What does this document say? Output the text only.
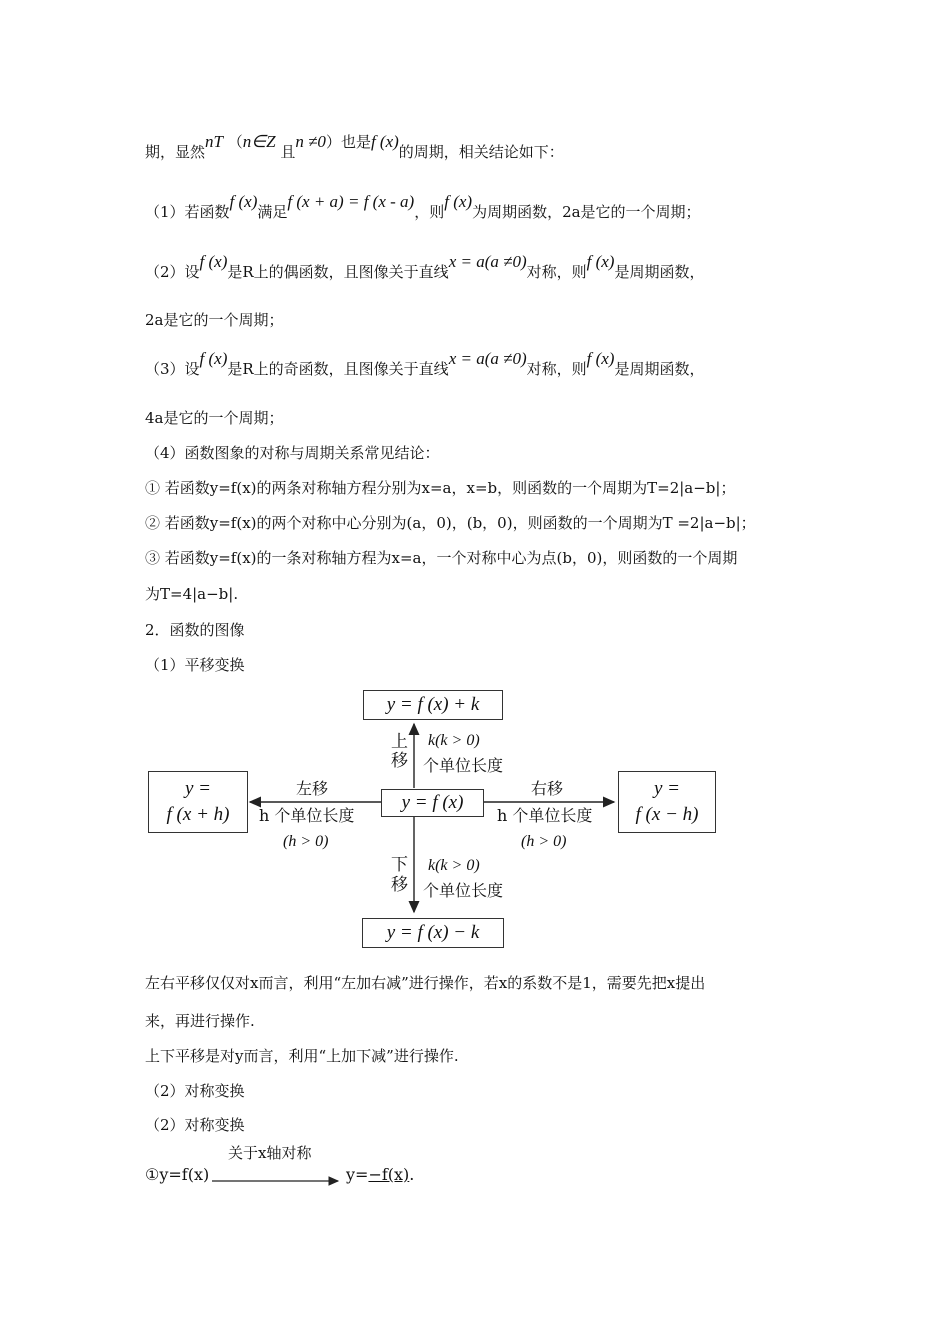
期，显然nT （n∈Z 且n ≠0）也是f (x)的周期，相关结论如下：
（1）若函数f (x)满足f (x + a) = f (x - a)，则f (x)为周期函数，2a是它的一个周期；
（2）设f (x)是R上的偶函数，且图像关于直线x = a(a ≠0)对称，则f (x)是周期函数，
2a是它的一个周期；
（3）设f (x)是R上的奇函数，且图像关于直线x = a(a ≠0)对称，则f (x)是周期函数，
4a是它的一个周期；
（4）函数图象的对称与周期关系常见结论：
① 若函数y=f(x)的两条对称轴方程分别为x=a，x=b，则函数的一个周期为T=2|a−b|；
② 若函数y=f(x)的两个对称中心分别为(a，0)，(b，0)，则函数的一个周期为T =2|a−b|；
③ 若函数y=f(x)的一条对称轴方程为x=a，一个对称中心为点(b，0)，则函数的一个周期
为T=4|a−b|.
2．函数的图像
（1）平移变换
y = f (x) + k
y = f (x)
y = f (x) − k
y =
f (x + h)
y =
f (x − h)
上
移
k(k > 0)
个单位长度
下
移
k(k > 0)
个单位长度
左移
h 个单位长度
(h > 0)
右移
h 个单位长度
(h > 0)
左右平移仅仅对x而言，利用“左加右减”进行操作，若x的系数不是1，需要先把x提出
来，再进行操作.
上下平移是对y而言，利用“上加下减”进行操作.
（2）对称变换
（2）对称变换
关于x轴对称
①y=f(x)	y=−f(x).
